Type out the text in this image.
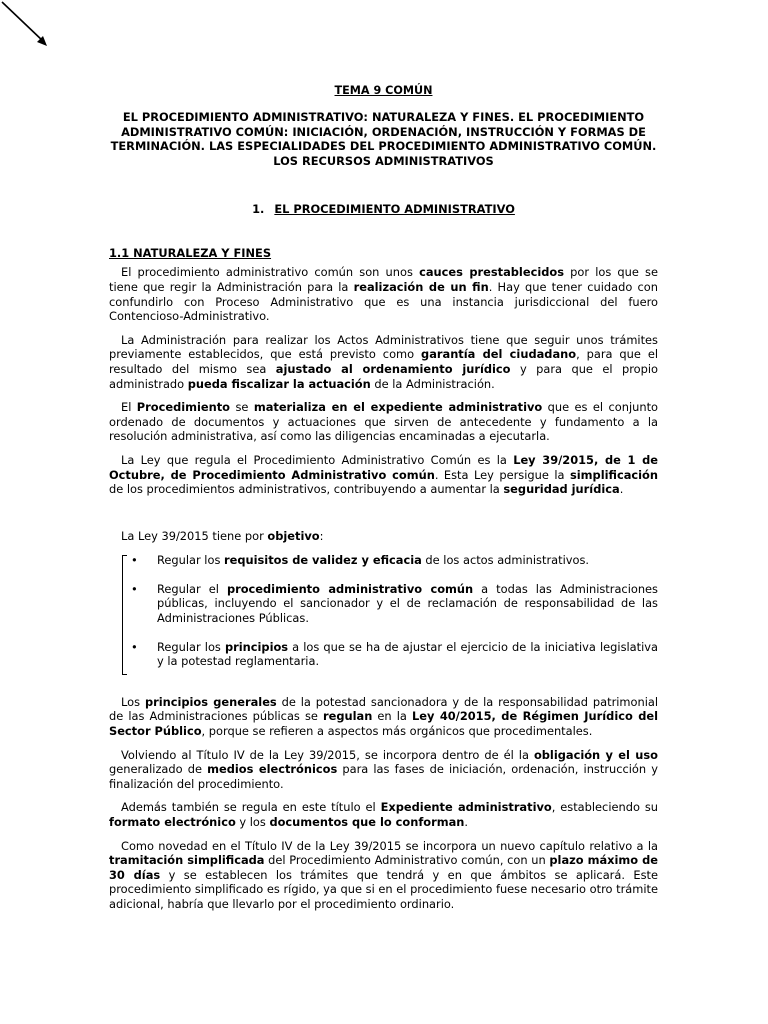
TEMA 9 COMÚN
EL PROCEDIMIENTO ADMINISTRATIVO: NATURALEZA Y FINES. EL PROCEDIMIENTO ADMINISTRATIVO COMÚN: INICIACIÓN, ORDENACIÓN, INSTRUCCIÓN Y FORMAS DE TERMINACIÓN. LAS ESPECIALIDADES DEL PROCEDIMIENTO ADMINISTRATIVO COMÚN. LOS RECURSOS ADMINISTRATIVOS
1. EL PROCEDIMIENTO ADMINISTRATIVO
1.1 NATURALEZA Y FINES

El procedimiento administrativo común son unos cauces prestablecidos por los que se tiene que regir la Administración para la realización de un fin. Hay que tener cuidado con confundirlo con Proceso Administrativo que es una instancia jurisdiccional del fuero Contencioso-Administrativo.

La Administración para realizar los Actos Administrativos tiene que seguir unos trámites previamente establecidos, que está previsto como garantía del ciudadano, para que el resultado del mismo sea ajustado al ordenamiento jurídico y para que el propio administrado pueda fiscalizar la actuación de la Administración.

El Procedimiento se materializa en el expediente administrativo que es el conjunto ordenado de documentos y actuaciones que sirven de antecedente y fundamento a la resolución administrativa, así como las diligencias encaminadas a ejecutarla.

La Ley que regula el Procedimiento Administrativo Común es la Ley 39/2015, de 1 de Octubre, de Procedimiento Administrativo común. Esta Ley persigue la simplificación de los procedimientos administrativos, contribuyendo a aumentar la seguridad jurídica.

La Ley 39/2015 tiene por objetivo:

• Regular los requisitos de validez y eficacia de los actos administrativos.
• Regular el procedimiento administrativo común a todas las Administraciones públicas, incluyendo el sancionador y el de reclamación de responsabilidad de las Administraciones Públicas.
• Regular los principios a los que se ha de ajustar el ejercicio de la iniciativa legislativa y la potestad reglamentaria.

Los principios generales de la potestad sancionadora y de la responsabilidad patrimonial de las Administraciones públicas se regulan en la Ley 40/2015, de Régimen Jurídico del Sector Público, porque se refieren a aspectos más orgánicos que procedimentales.

Volviendo al Título IV de la Ley 39/2015, se incorpora dentro de él la obligación y el uso generalizado de medios electrónicos para las fases de iniciación, ordenación, instrucción y finalización del procedimiento.

Además también se regula en este título el Expediente administrativo, estableciendo su formato electrónico y los documentos que lo conforman.

Como novedad en el Título IV de la Ley 39/2015 se incorpora un nuevo capítulo relativo a la tramitación simplificada del Procedimiento Administrativo común, con un plazo máximo de 30 días y se establecen los trámites que tendrá y en que ámbitos se aplicará. Este procedimiento simplificado es rígido, ya que si en el procedimiento fuese necesario otro trámite adicional, habría que llevarlo por el procedimiento ordinario.
